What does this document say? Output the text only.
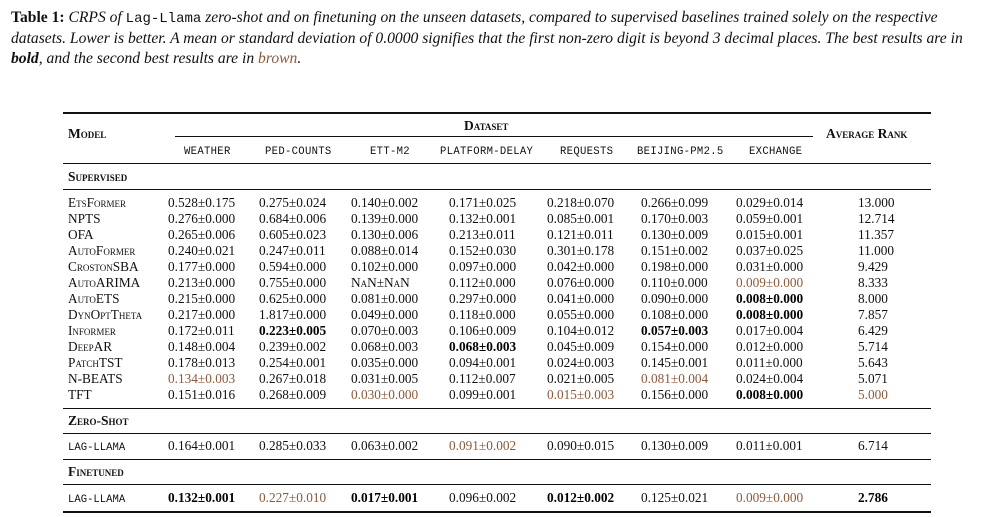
Table 1: CRPS of Lag-Llama zero-shot and on finetuning on the unseen datasets, compared to supervised baselines trained solely on the respective datasets. Lower is better. A mean or standard deviation of 0.0000 signifies that the first non-zero digit is beyond 3 decimal places. The best results are in bold, and the second best results are in brown.
Model
Dataset
Average Rank
WEATHER	PED-COUNTS	ETT-M2	PLATFORM-DELAY	REQUESTS BEIJING-PM2.5 EXCHANGE
Supervised
EtsFormer	0.528±0.175 0.275±0.024 0.140±0.002 0.171±0.025 0.218±0.070 0.266±0.099 0.029±0.014	13.000
NPTS	0.276±0.000 0.684±0.006 0.139±0.000 0.132±0.001 0.085±0.001 0.170±0.003 0.059±0.001	12.714
OFA	0.265±0.006 0.605±0.023 0.130±0.006 0.213±0.011 0.121±0.011 0.130±0.009 0.015±0.001	11.357
AutoFormer 0.240±0.021 0.247±0.011 0.088±0.014 0.152±0.030 0.301±0.178 0.151±0.002 0.037±0.025	11.000
CrostonSBA 0.177±0.000 0.594±0.000 0.102±0.000 0.097±0.000 0.042±0.000 0.198±0.000 0.031±0.000	9.429
AutoARIMA 0.213±0.000 0.755±0.000 NaN±NaN	0.112±0.000 0.076±0.000 0.110±0.000 0.009±0.000	8.333
AutoETS	0.215±0.000 0.625±0.000 0.081±0.000 0.297±0.000 0.041±0.000 0.090±0.000 0.008±0.000	8.000
DynOptTheta 0.217±0.000 1.817±0.000 0.049±0.000 0.118±0.000 0.055±0.000 0.108±0.000 0.008±0.000	7.857
Informer	0.172±0.011 0.223±0.005 0.070±0.003 0.106±0.009 0.104±0.012 0.057±0.003 0.017±0.004	6.429
DeepAR	0.148±0.004 0.239±0.002 0.068±0.003 0.068±0.003 0.045±0.009 0.154±0.000 0.012±0.000	5.714
PatchTST	0.178±0.013 0.254±0.001 0.035±0.000 0.094±0.001 0.024±0.003 0.145±0.001 0.011±0.000	5.643
N-BEATS	0.134±0.003 0.267±0.018 0.031±0.005 0.112±0.007 0.021±0.005 0.081±0.004 0.024±0.004	5.071
TFT	0.151±0.016 0.268±0.009 0.030±0.000 0.099±0.001 0.015±0.003 0.156±0.000 0.008±0.000	5.000
LAG-LLAMA	0.164±0.001 0.285±0.033 0.063±0.002 0.091±0.002 0.090±0.015 0.130±0.009 0.011±0.001	6.714
LAG-LLAMA	0.132±0.001 0.227±0.010 0.017±0.001 0.096±0.002 0.012±0.002 0.125±0.021 0.009±0.000	2.786
Zero-Shot
Finetuned
